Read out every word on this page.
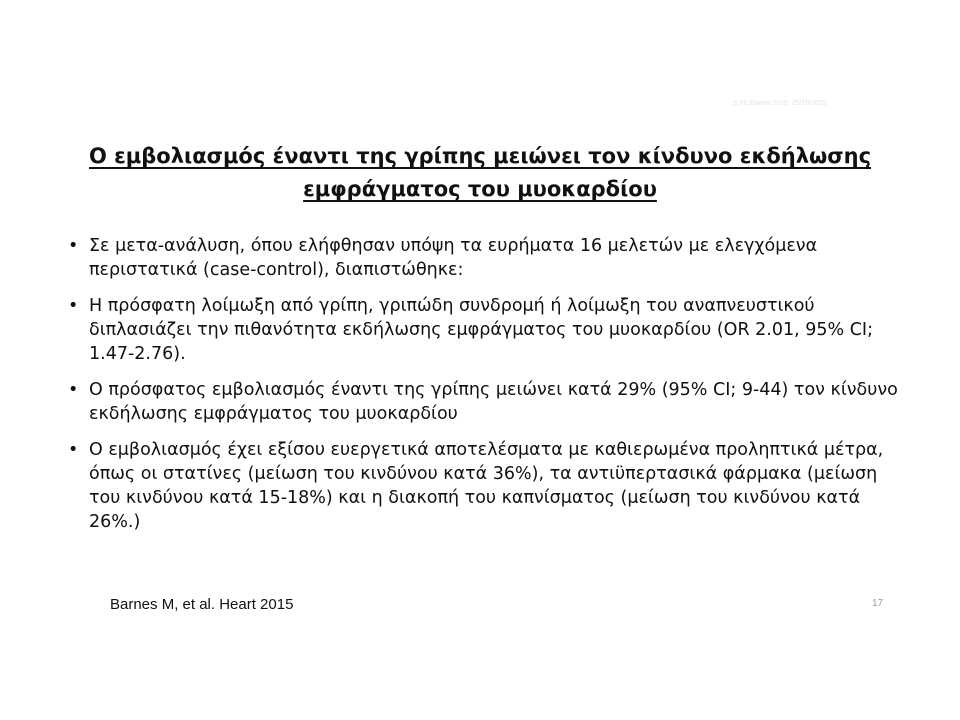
S.Fil.Zavras 2015. 25/10/2015
Ο εμβολιασμός έναντι της γρίπης μειώνει τον κίνδυνο εκδήλωσης
εμφράγματος του μυοκαρδίου
• Σε μετα-ανάλυση, όπου ελήφθησαν υπόψη τα ευρήματα 16 μελετών με ελεγχόμενα περιστατικά (case-control), διαπιστώθηκε:
• Η πρόσφατη λοίμωξη από γρίπη, γριπώδη συνδρομή ή λοίμωξη του αναπνευστικού διπλασιάζει την πιθανότητα εκδήλωσης εμφράγματος του μυοκαρδίου (OR 2.01, 95% CI; 1.47-2.76).
• Ο πρόσφατος εμβολιασμός έναντι της γρίπης μειώνει κατά 29% (95% CI; 9-44) τον κίνδυνο εκδήλωσης εμφράγματος του μυοκαρδίου
• Ο εμβολιασμός έχει εξίσου ευεργετικά αποτελέσματα με καθιερωμένα προληπτικά μέτρα, όπως οι στατίνες (μείωση του κινδύνου κατά 36%), τα αντιϋπερτασικά φάρμακα (μείωση του κινδύνου κατά 15-18%) και η διακοπή του καπνίσματος (μείωση του κινδύνου κατά 26%.)
Barnes M, et al. Heart 2015	17
